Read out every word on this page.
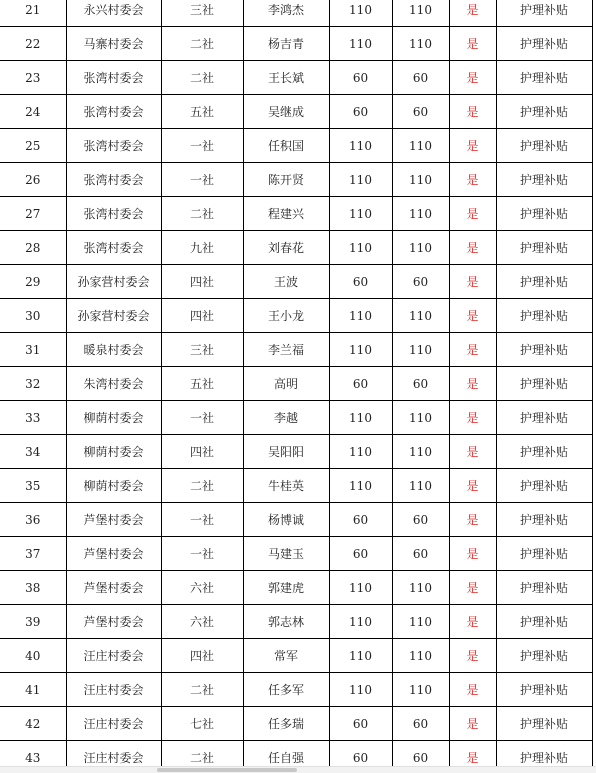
21	永兴村委会	三社	李鸿杰	110	110	是	护理补贴
22	马寨村委会	二社	杨吉青	110	110	是	护理补贴
23	张湾村委会	二社	王长斌	60	60	是	护理补贴
24	张湾村委会	五社	吴继成	60	60	是	护理补贴
25	张湾村委会	一社	任积国	110	110	是	护理补贴
26	张湾村委会	一社	陈开贤	110	110	是	护理补贴
27	张湾村委会	二社	程建兴	110	110	是	护理补贴
28	张湾村委会	九社	刘春花	110	110	是	护理补贴
29	孙家营村委会	四社	王波	60	60	是	护理补贴
30	孙家营村委会	四社	王小龙	110	110	是	护理补贴
31	暖泉村委会	三社	李兰福	110	110	是	护理补贴
32	朱湾村委会	五社	高明	60	60	是	护理补贴
33	柳荫村委会	一社	李越	110	110	是	护理补贴
34	柳荫村委会	四社	吴阳阳	110	110	是	护理补贴
35	柳荫村委会	二社	牛桂英	110	110	是	护理补贴
36	芦堡村委会	一社	杨博诚	60	60	是	护理补贴
37	芦堡村委会	一社	马建玉	60	60	是	护理补贴
38	芦堡村委会	六社	郭建虎	110	110	是	护理补贴
39	芦堡村委会	六社	郭志林	110	110	是	护理补贴
40	汪庄村委会	四社	常军	110	110	是	护理补贴
41	汪庄村委会	二社	任多军	110	110	是	护理补贴
42	汪庄村委会	七社	任多瑞	60	60	是	护理补贴
43	汪庄村委会	二社	任自强	60	60	是	护理补贴
